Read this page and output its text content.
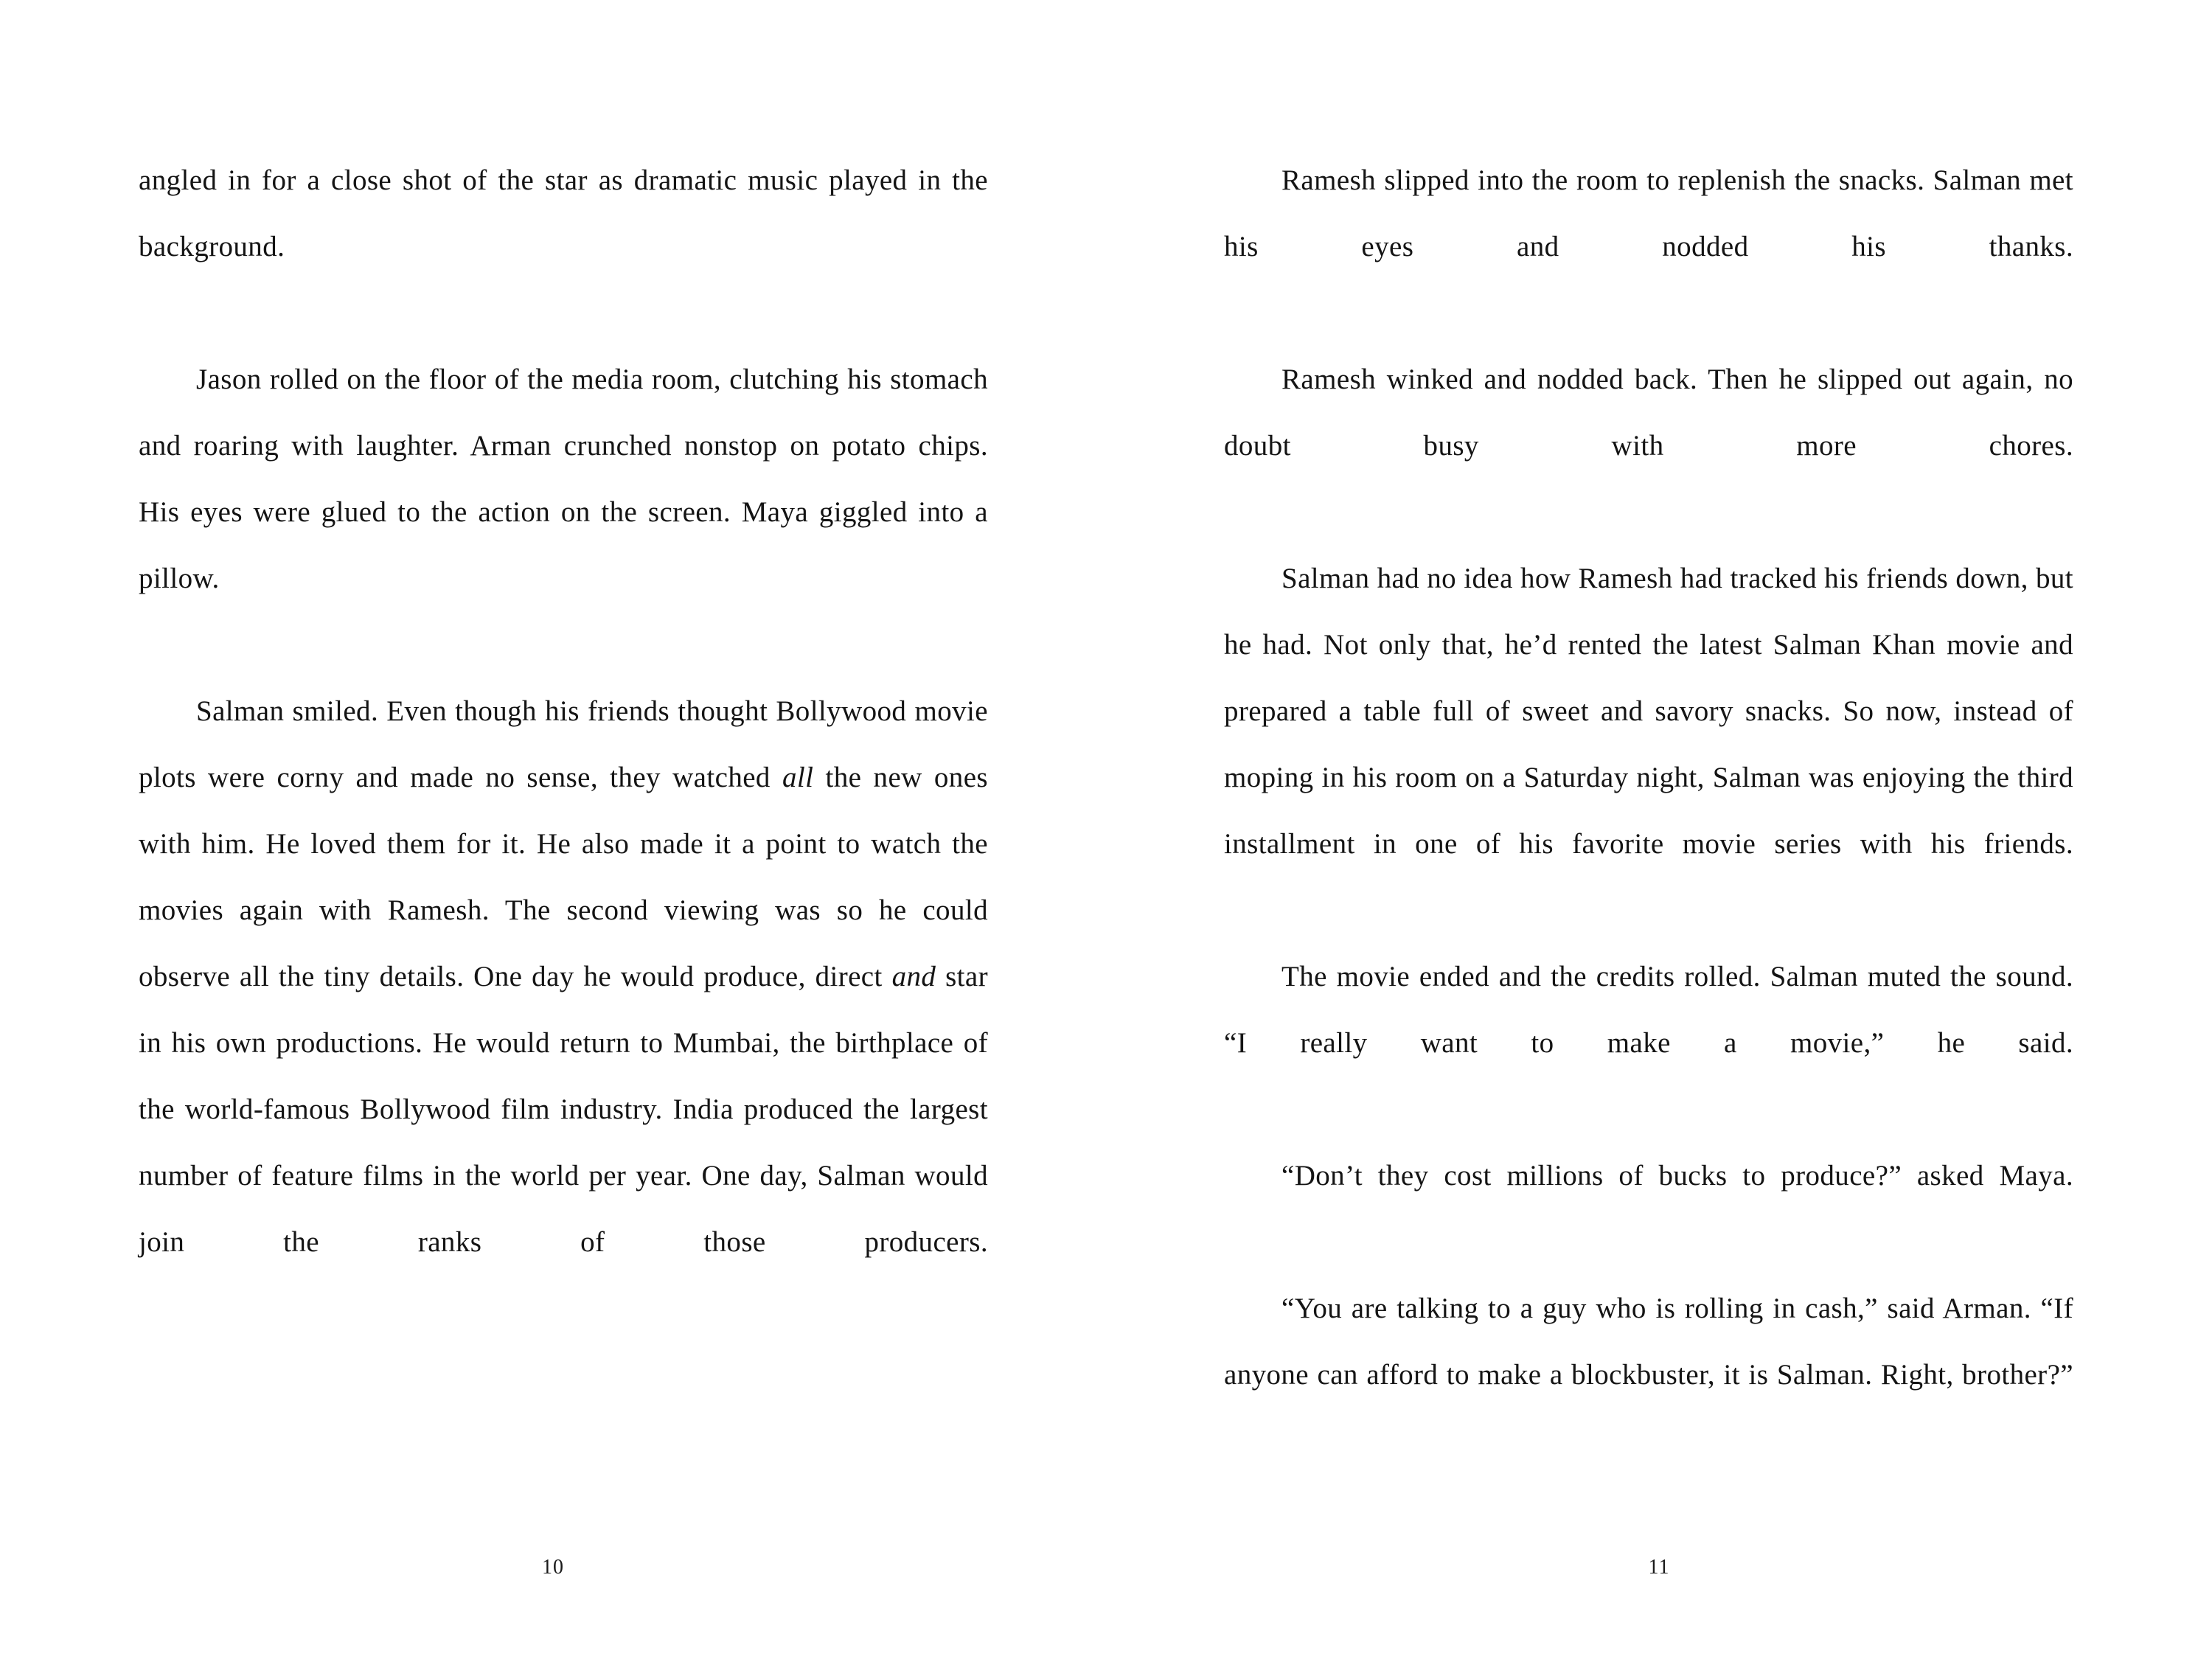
angled in for a close shot of the star as dramatic music played in the background.

Jason rolled on the floor of the media room, clutching his stomach and roaring with laughter. Arman crunched nonstop on potato chips. His eyes were glued to the action on the screen. Maya giggled into a pillow.

Salman smiled. Even though his friends thought Bollywood movie plots were corny and made no sense, they watched all the new ones with him. He loved them for it. He also made it a point to watch the movies again with Ramesh. The second viewing was so he could observe all the tiny details. One day he would produce, direct and star in his own productions. He would return to Mumbai, the birthplace of the world-famous Bollywood film industry. India produced the largest number of feature films in the world per year. One day, Salman would join the ranks of those producers.

10

Ramesh slipped into the room to replenish the snacks. Salman met his eyes and nodded his thanks.

Ramesh winked and nodded back. Then he slipped out again, no doubt busy with more chores.

Salman had no idea how Ramesh had tracked his friends down, but he had. Not only that, he’d rented the latest Salman Khan movie and prepared a table full of sweet and savory snacks. So now, instead of moping in his room on a Saturday night, Salman was enjoying the third installment in one of his favorite movie series with his friends.

The movie ended and the credits rolled. Salman muted the sound. “I really want to make a movie,” he said.

“Don’t they cost millions of bucks to produce?” asked Maya.

“You are talking to a guy who is rolling in cash,” said Arman. “If anyone can afford to make a blockbuster, it is Salman. Right, brother?”

11
